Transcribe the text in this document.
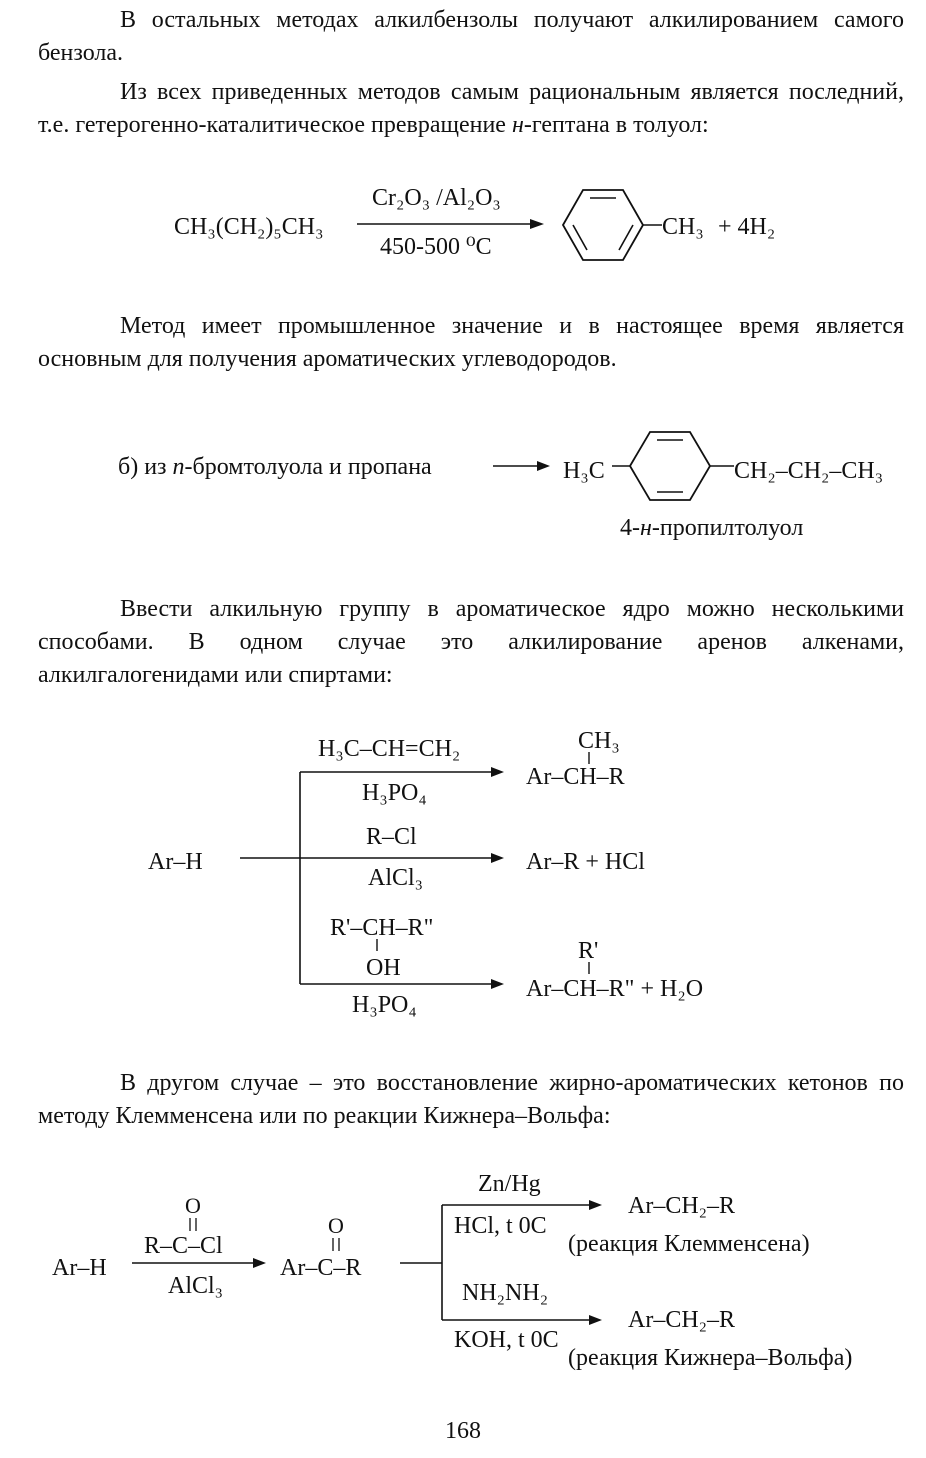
В остальных методах алкилбензолы получают алкилированием самого бензола.

Из всех приведенных методов самым рациональным является последний, т.е. гетерогенно-каталитическое превращение н-гептана в толуол:

CH₃(CH₂)₅CH₃
Cr₂O₃ /Al₂O₃
450-500 ⁰C
CH₃ + 4H₂

Метод имеет промышленное значение и в настоящее время является основным для получения ароматических углеводородов.

б) из п-бромтолуола и пропана	H₃C	CH₂–CH₂–CH₃
4-н-пропилтолуол

Ввести алкильную группу в ароматическое ядро можно несколькими способами. В одном случае это алкилирование аренов алкенами, алкилгалогенидами или спиртами:

Ar–H
H₃C–CH=CH₂
H₃PO₄
CH₃
Ar–CH–R
R–Cl
AlCl₃
Ar–R + HCl
R'–CH–R"
OH
H₃PO₄
R'
Ar–CH–R" + H₂O

В другом случае – это восстановление жирно-ароматических кетонов по методу Клемменсена или по реакции Кижнера–Вольфа:

Ar–H
O
R–C–Cl
AlCl₃
O
Ar–C–R
Zn/Hg
HCl, t 0C
Ar–CH₂–R
(реакция Клемменсена)
NH₂NH₂
KOH, t 0C
Ar–CH₂–R
(реакция Кижнера–Вольфа)
168
